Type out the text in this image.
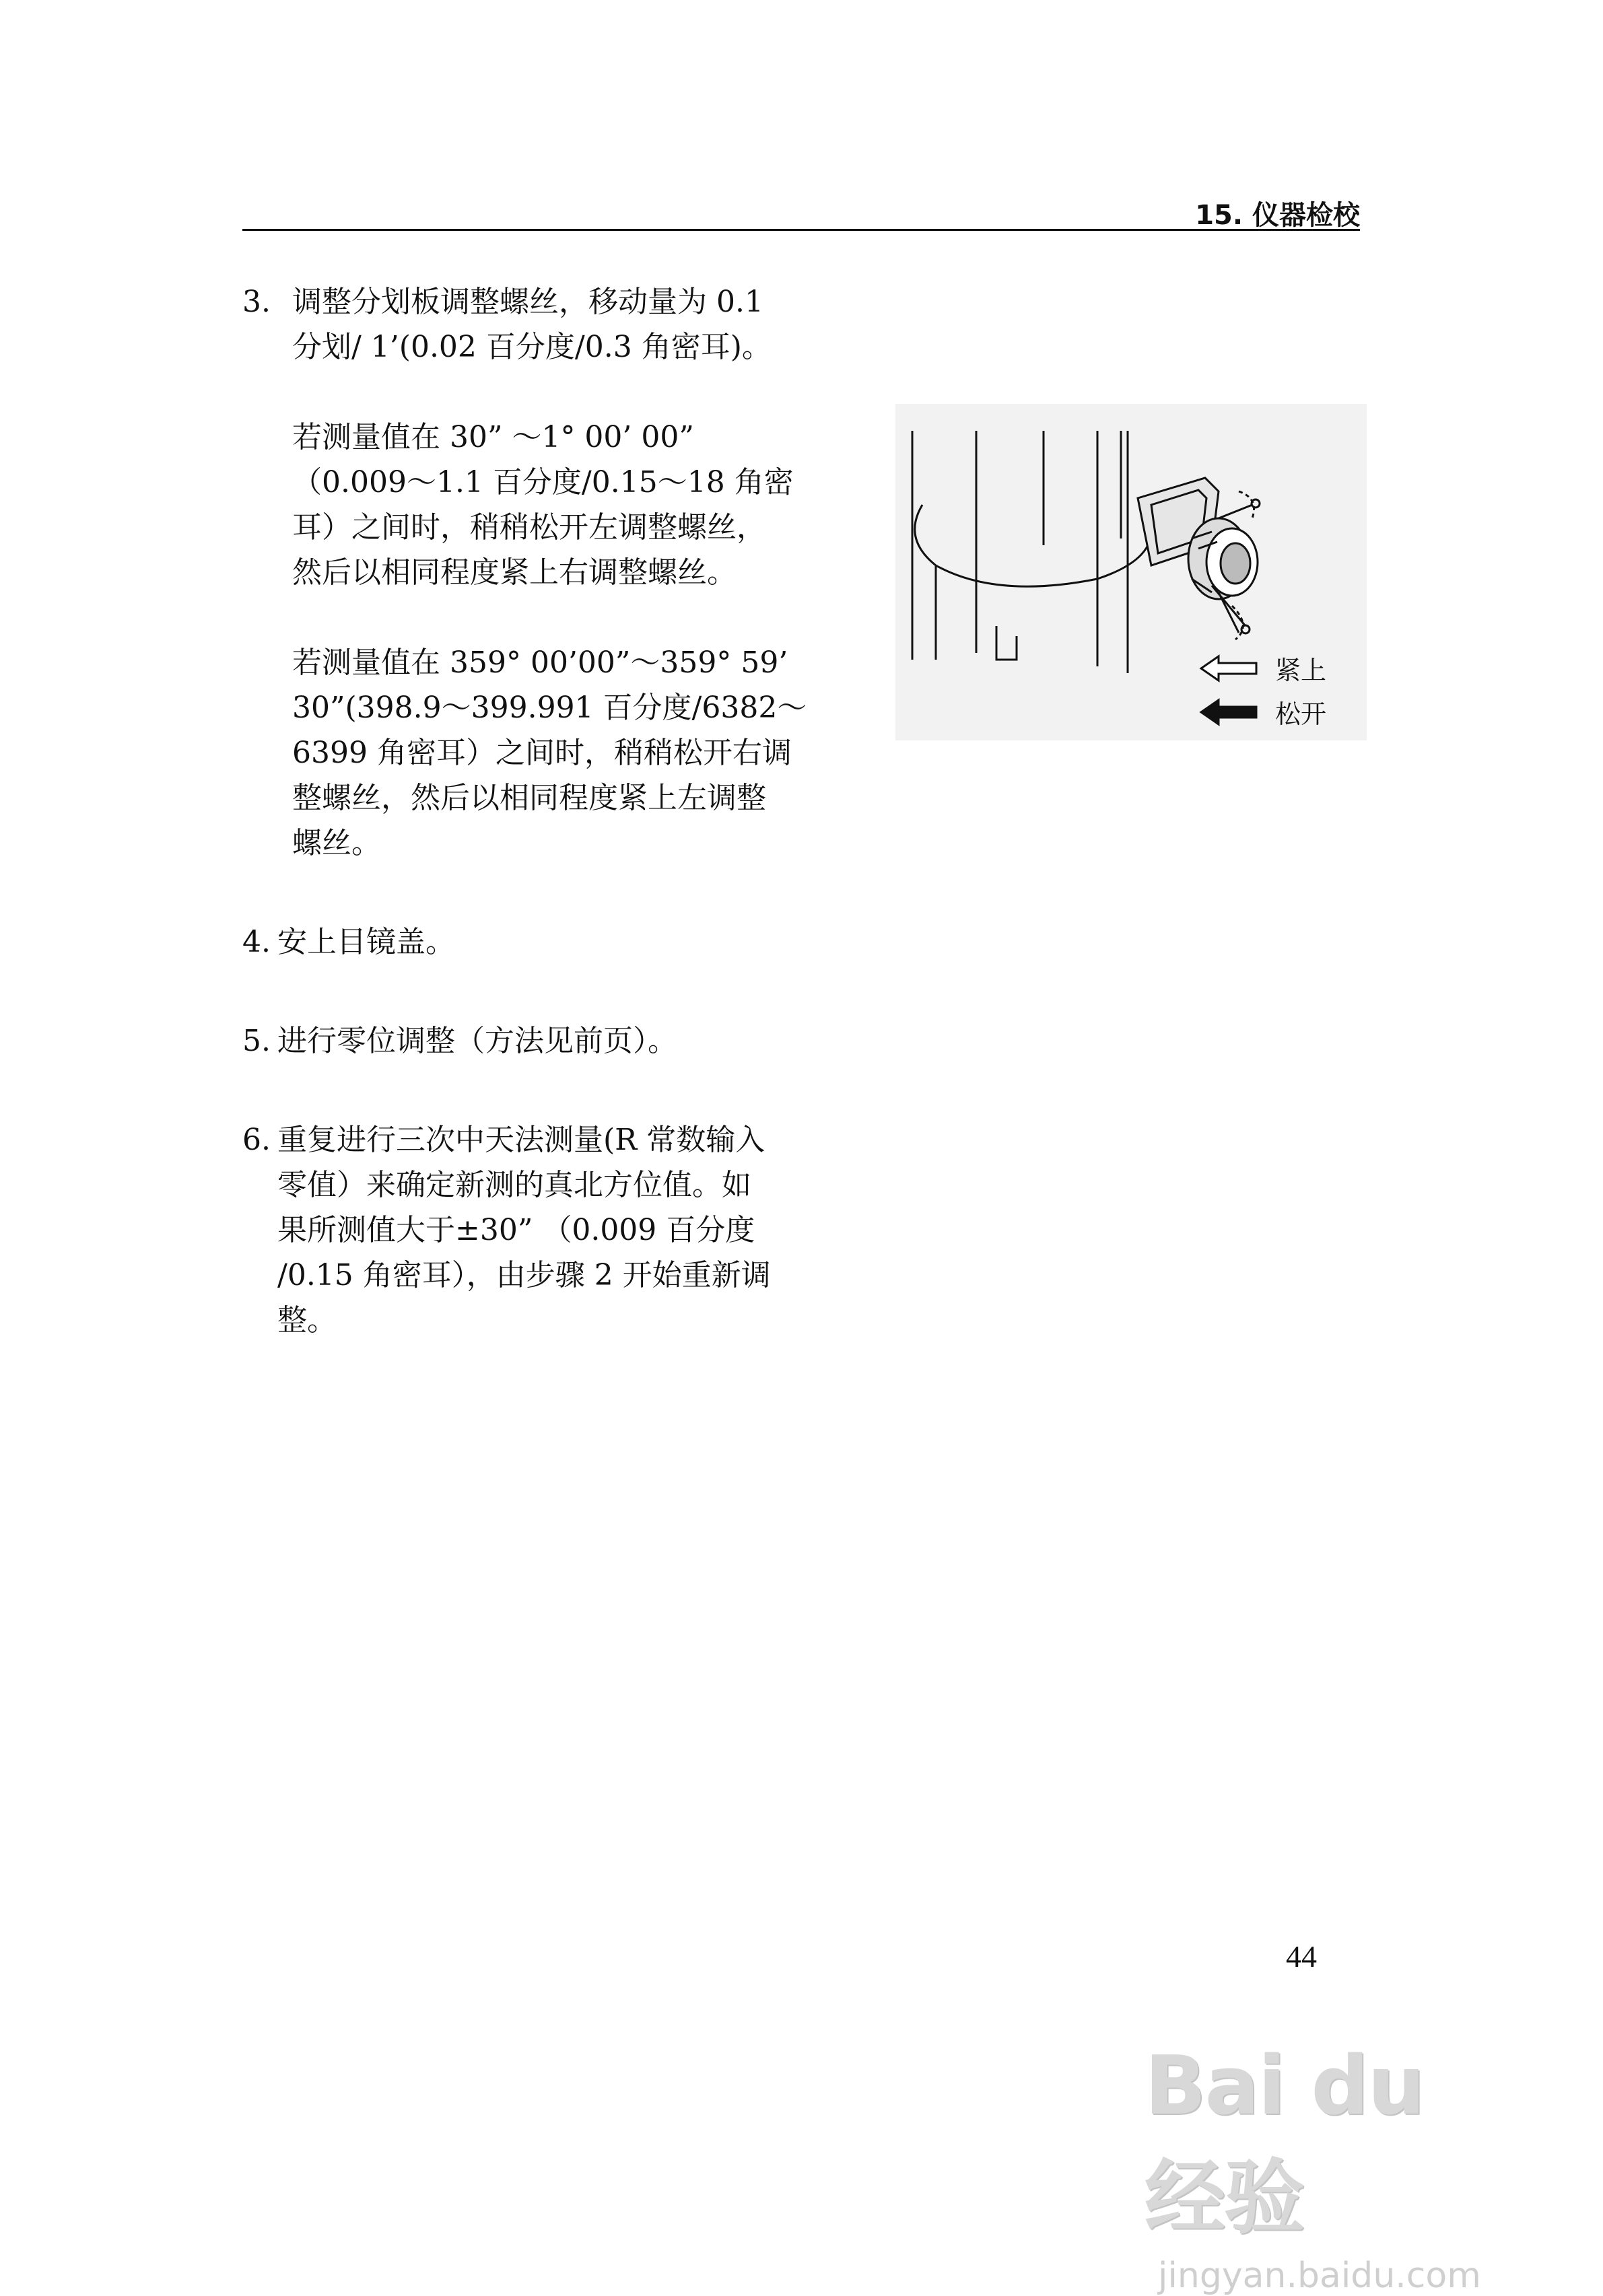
15. 仪器检校
3. 调整分划板调整螺丝，移动量为 0.1
分划/ 1’(0.02 百分度/0.3 角密耳)。
若测量值在 30” ～1° 00’ 00”
（0.009～1.1 百分度/0.15～18 角密
耳）之间时，稍稍松开左调整螺丝，
然后以相同程度紧上右调整螺丝。
若测量值在 359° 00’00”～359° 59’
30”(398.9～399.991 百分度/6382～
6399 角密耳）之间时，稍稍松开右调
整螺丝，然后以相同程度紧上左调整
螺丝。
4. 安上目镜盖。
5. 进行零位调整（方法见前页）。
6. 重复进行三次中天法测量(R 常数输入
零值）来确定新测的真北方位值。如
果所测值大于±30” （0.009 百分度
/0.15 角密耳），由步骤 2 开始重新调
整。
紧上
松开
44
Bai du 经验
jingyan.baidu.com
